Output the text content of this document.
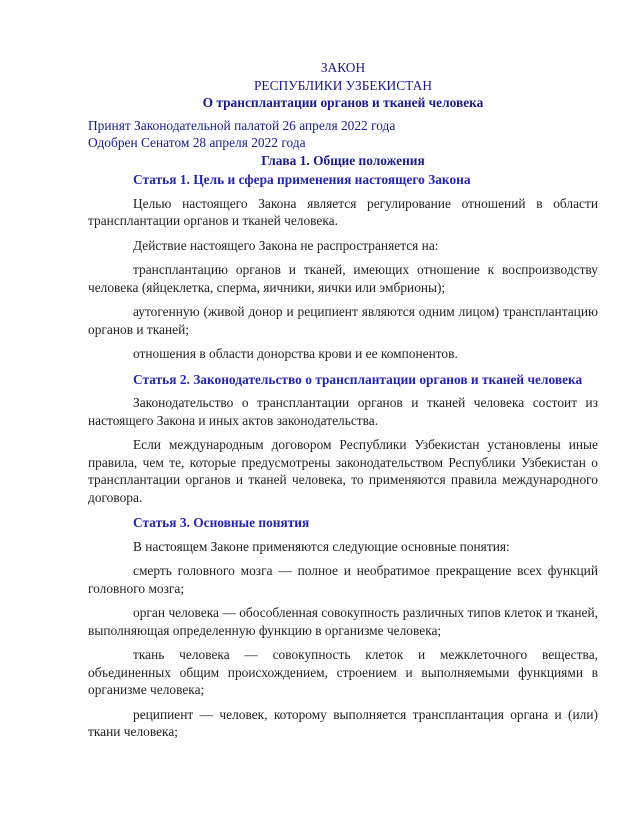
ЗАКОН
РЕСПУБЛИКИ УЗБЕКИСТАН
О трансплантации органов и тканей человека
Принят Законодательной палатой 26 апреля 2022 года
Одобрен Сенатом 28 апреля 2022 года
Глава 1. Общие положения
Статья 1. Цель и сфера применения настоящего Закона

Целью настоящего Закона является регулирование отношений в области трансплантации органов и тканей человека.

Действие настоящего Закона не распространяется на:

трансплантацию органов и тканей, имеющих отношение к воспроизводству человека (яйцеклетка, сперма, яичники, яички или эмбрионы);

аутогенную (живой донор и реципиент являются одним лицом) трансплантацию органов и тканей;

отношения в области донорства крови и ее компонентов.

Статья 2. Законодательство о трансплантации органов и тканей человека

Законодательство о трансплантации органов и тканей человека состоит из настоящего Закона и иных актов законодательства.

Если международным договором Республики Узбекистан установлены иные правила, чем те, которые предусмотрены законодательством Республики Узбекистан о трансплантации органов и тканей человека, то применяются правила международного договора.

Статья 3. Основные понятия

В настоящем Законе применяются следующие основные понятия:

смерть головного мозга — полное и необратимое прекращение всех функций головного мозга;

орган человека — обособленная совокупность различных типов клеток и тканей, выполняющая определенную функцию в организме человека;

ткань человека — совокупность клеток и межклеточного вещества, объединенных общим происхождением, строением и выполняемыми функциями в организме человека;

реципиент — человек, которому выполняется трансплантация органа и (или) ткани человека;
